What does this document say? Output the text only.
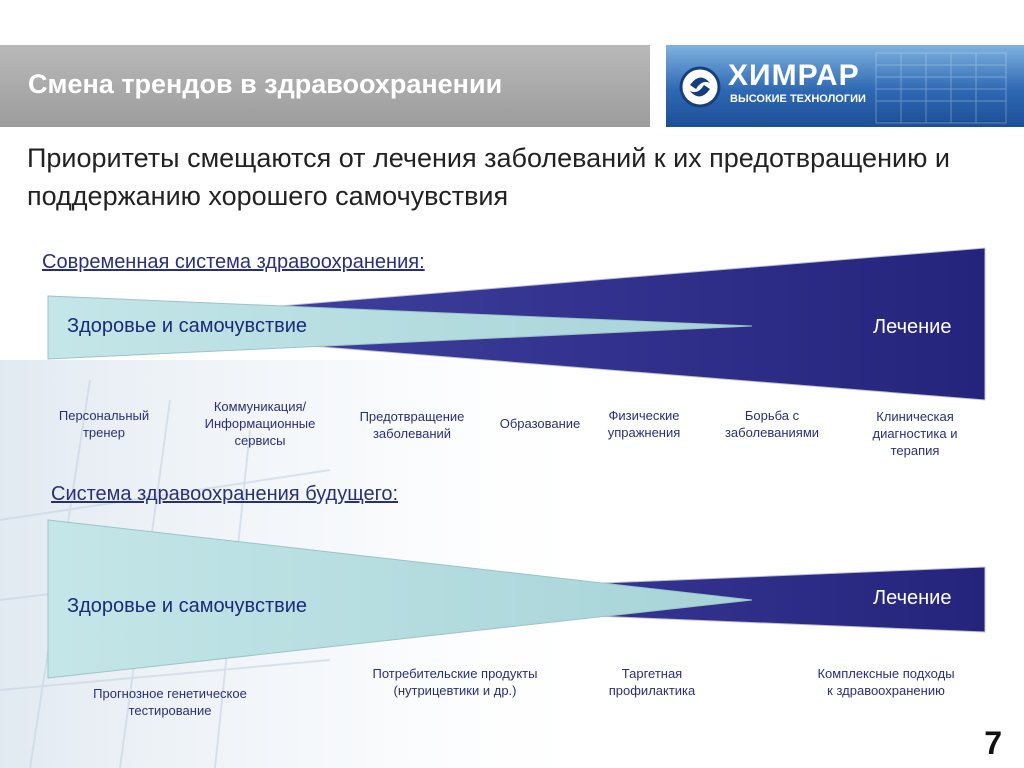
Смена трендов в здравоохранении	ХИМРАР
ВЫСОКИЕ ТЕХНОЛОГИИ
Приоритеты смещаются от лечения заболеваний к их предотвращению и поддержанию хорошего самочувствия
Современная система здравоохранения:
Здоровье и самочувствие	Лечение
Персональный тренер
Коммуникация/ Информационные сервисы
Предотвращение заболеваний
Образование
Физические упражнения
Борьба с заболеваниями
Клиническая диагностика и терапия
Система здравоохранения будущего:
Здоровье и самочувствие	Лечение
Прогнозное генетическое тестирование
Потребительские продукты (нутрицевтики и др.)
Таргетная профилактика
Комплексные подходы к здравоохранению
7
